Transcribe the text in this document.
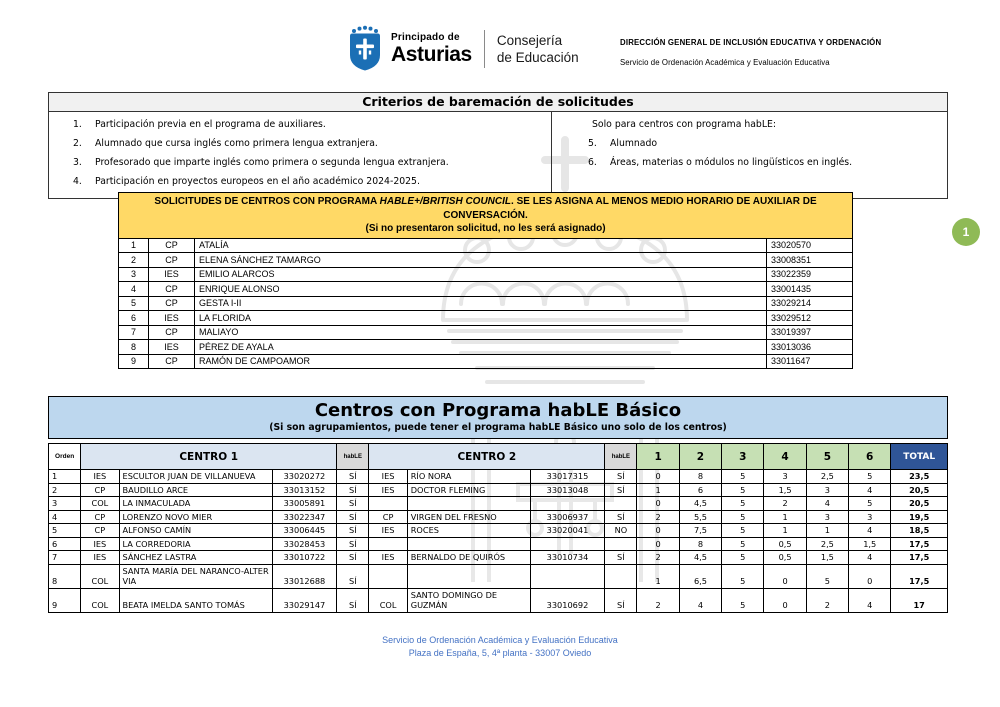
Principado de
Asturias
Consejería
de Educación
DIRECCIÓN GENERAL DE INCLUSIÓN EDUCATIVA Y ORDENACIÓN
Servicio de Ordenación Académica y Evaluación Educativa
Criterios de baremación de solicitudes
1.	Participación previa en el programa de auxiliares.
2.	Alumnado que cursa inglés como primera lengua extranjera.
3.	Profesorado que imparte inglés como primera o segunda lengua extranjera.
4.	Participación en proyectos europeos en el año académico 2024-2025.
Solo para centros con programa habLE:
5.	Alumnado
6.	Áreas, materias o módulos no lingüísticos en inglés.
SOLICITUDES DE CENTROS CON PROGRAMA HABLE+/BRITISH COUNCIL. SE LES ASIGNA AL MENOS MEDIO HORARIO DE AUXILIAR DE CONVERSACIÓN.
(Si no presentaron solicitud, no les será asignado)			

1	CP	ATALÍA	33020570
2	CP	ELENA SÁNCHEZ TAMARGO	33008351
3	IES	EMILIO ALARCOS	33022359
4	CP	ENRIQUE ALONSO	33001435
5	CP	GESTA I-II	33029214
6	IES	LA FLORIDA	33029512
7	CP	MALIAYO	33019397
8	IES	PÉREZ DE AYALA	33013036
9	CP	RAMÓN DE CAMPOAMOR	33011647
1
Centros con Programa habLE Básico
(Si son agrupamientos, puede tener el programa habLE Básico uno solo de los centros)
Orden	CENTRO 1			habLE	CENTRO 2			habLE	1	2	3	4	5	6	TOTAL
1	IES	ESCULTOR JUAN DE VILLANUEVA	33020272	SÍ	IES	RÍO NORA	33017315	SÍ	0	8	5	3	2,5	5	23,5
2	CP	BAUDILLO ARCE	33013152	SÍ	IES	DOCTOR FLEMING	33013048	SÍ	1	6	5	1,5	3	4	20,5
3	COL	LA INMACULADA	33005891	SÍ					0	4,5	5	2	4	5	20,5
4	CP	LORENZO NOVO MIER	33022347	SÍ	CP	VIRGEN DEL FRESNO	33006937	SÍ	2	5,5	5	1	3	3	19,5
5	CP	ALFONSO CAMÍN	33006445	SÍ	IES	ROCES	33020041	NO	0	7,5	5	1	1	4	18,5
6	IES	LA CORREDORIA	33028453	SÍ					0	8	5	0,5	2,5	1,5	17,5
7	IES	SÁNCHEZ LASTRA	33010722	SÍ	IES	BERNALDO DE QUIRÓS	33010734	SÍ	2	4,5	5	0,5	1,5	4	17,5
8	COL	SANTA MARÍA DEL NARANCO-ALTER VIA	33012688	SÍ					1	6,5	5	0	5	0	17,5
9	COL	BEATA IMELDA SANTO TOMÁS	33029147	SÍ	COL	SANTO DOMINGO DE GUZMÁN	33010692	SÍ	2	4	5	0	2	4	17
Servicio de Ordenación Académica y Evaluación Educativa
Plaza de España, 5, 4ª planta - 33007 Oviedo
